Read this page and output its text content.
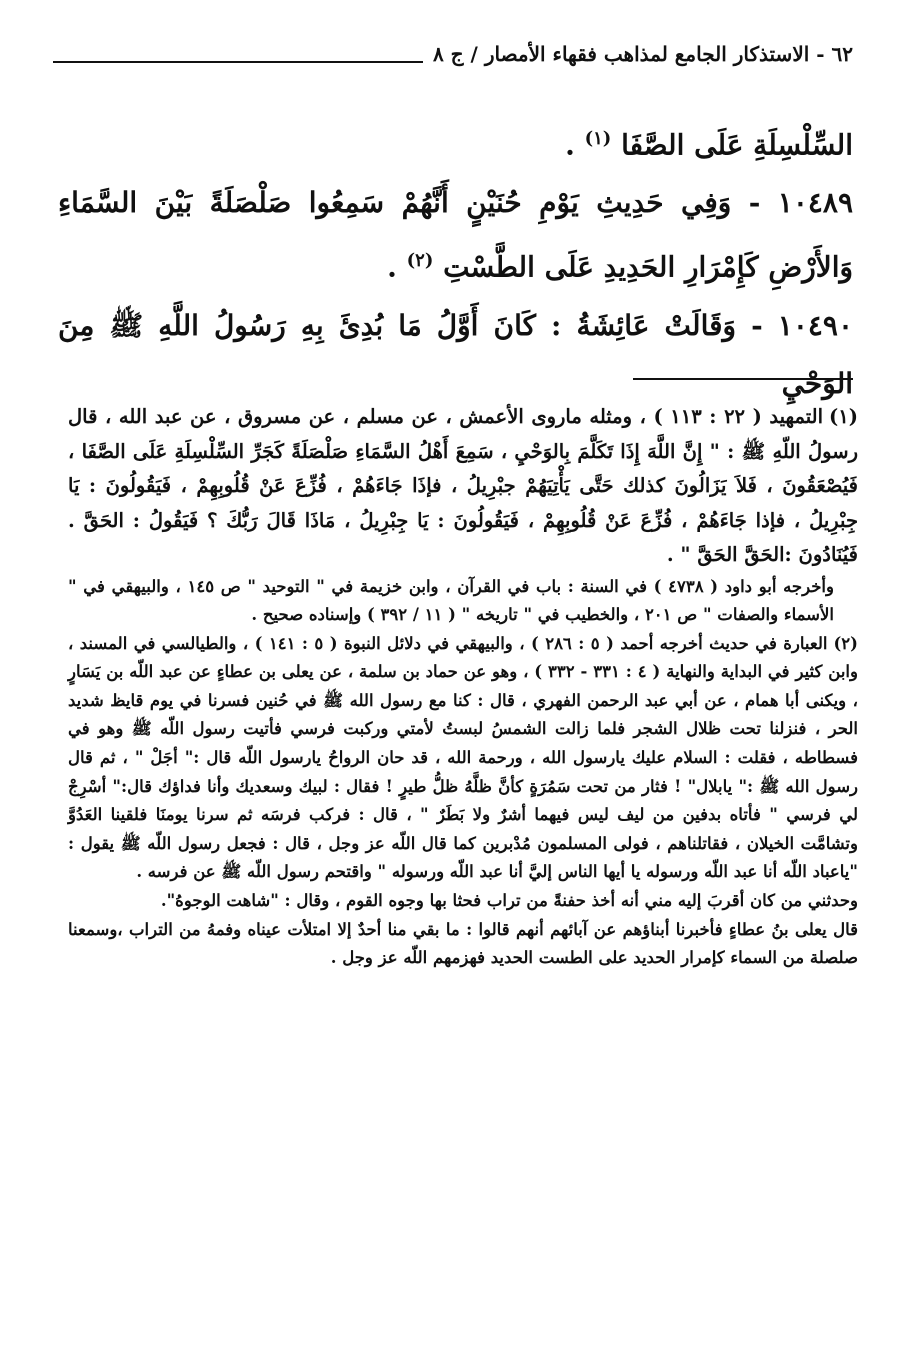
٦٢ - الاستذكار الجامع لمذاهب فقهاء الأمصار / ج ٨

السِّلْسِلَةِ عَلَى الصَّفَا $^{(١)}$ .

١٠٤٨٩ - وَفِي حَدِيثِ يَوْمِ حُنَيْنٍ أَنَّهُمْ سَمِعُوا صَلْصَلَةً بَيْنَ السَّمَاءِ وَالأَرْضِ كَإِمْرَارِ الحَدِيدِ عَلَى الطَّسْتِ $^{(٢)}$ .

١٠٤٩٠ - وَقَالَتْ عَائِشَةُ : كَانَ أَوَّلُ مَا بُدِئَ بِهِ رَسُولُ اللَّهِ ﷺ مِنَ الوَحْيِ

(١)التمهيد ( ٢٢ : ١١٣ ) ، ومثله ماروى الأعمش ، عن مسلم ، عن مسروق ، عن عبد الله ، قال رسولُ اللّهِ ﷺ : " إِنَّ اللَّهَ إِذَا تَكَلَّمَ بِالوَحْيِ ، سَمِعَ أَهْلُ السَّمَاءِ صَلْصَلَةً كَجَرِّ السِّلْسِلَةِ عَلَى الصَّفَا ، فَيُصْعَقُونَ ، فَلاَ يَزَالُونَ كذلك حَتَّى يَأْتِيَهُمْ جبْرِيلُ ، فإذَا جَاءَهُمْ ، فُزِّعَ عَنْ قُلُوبِهِمْ ، فَيَقُولُونَ : يَا جِبْرِيلُ ، فإذا جَاءَهُمْ ، فُزِّعَ عَنْ قُلُوبِهِمْ ، فَيَقُولُونَ : يَا جِبْرِيلُ ، مَاذَا قَالَ رَبُّكَ ؟ فَيَقُولُ : الحَقَّ . فَيُنَادُونَ :الحَقَّ الحَقَّ " .

وأخرجه أبو داود ( ٤٧٣٨ ) في السنة : باب في القرآن ، وابن خزيمة في " التوحيد " ص ١٤٥ ، والبيهقي في " الأسماء والصفات " ص ٢٠١ ، والخطيب في " تاريخه " ( ١١ / ٣٩٢ ) وإسناده صحيح .

(٢)العبارة في حديث أخرجه أحمد ( ٥ : ٢٨٦ ) ، والبيهقي في دلائل النبوة ( ٥ : ١٤١ ) ، والطيالسي في المسند ، وابن كثير في البداية والنهاية ( ٤ : ٣٣١ - ٣٣٢ ) ، وهو عن حماد بن سلمة ، عن يعلى بن عطاءٍ عن عبد اللّه بن يَسَارٍ ، ويكنى أبا همام ، عن أبي عبد الرحمن الفهري ، قال : كنا مع رسول الله ﷺ في حُنين فسرنا في يوم قايظ شديد الحر ، فنزلنا تحت ظلال الشجر فلما زالت الشمسُ لبستُ لأمتي وركبت فرسي فأتيت رسول اللّه ﷺ وهو في فسطاطه ، فقلت : السلام عليك يارسول الله ، ورحمة الله ، قد حان الرواحُ يارسول اللّه قال :" أجَلْ " ، ثم قال رسول الله ﷺ :" يابلال" ! فثار من تحت سَمُرَةٍ كأنَّ ظلَّهُ ظلُّ طيرٍ ! فقال : لبيك وسعديك وأنا فداؤك قال:" أسْرِجْ لي فرسي " فأتاه بدفين من ليف ليس فيهما أشرٌ ولا بَطَرٌ " ، قال : فركب فرسَه ثم سرنا يومنَا فلقينا العَدُوَّ وتشامَّت الخيلان ، فقاتلناهم ، فولى المسلمون مُدْبرين كما قال اللّه عز وجل ، قال : فجعل رسول اللّه ﷺ يقول : "ياعباد اللّه أنا عبد اللّه ورسوله يا أيها الناس إليَّ أنا عبد اللّه ورسوله " واقتحم رسول اللّه ﷺ عن فرسه .

وحدثني من كان أقربَ إليه مني أنه أخذ حفنةً من تراب فحثا بها وجوه القوم ، وقال : "شاهت الوجوهُ".

قال يعلى بنُ عطاءٍ فأخبرنا أبناؤهم عن آبائهم أنهم قالوا : ما بقي منا أحدٌ إلا امتلأت عيناه وفمهُ من التراب ،وسمعنا صلصلة من السماء كإمرار الحديد على الطست الحديد فهزمهم اللّه عز وجل .
